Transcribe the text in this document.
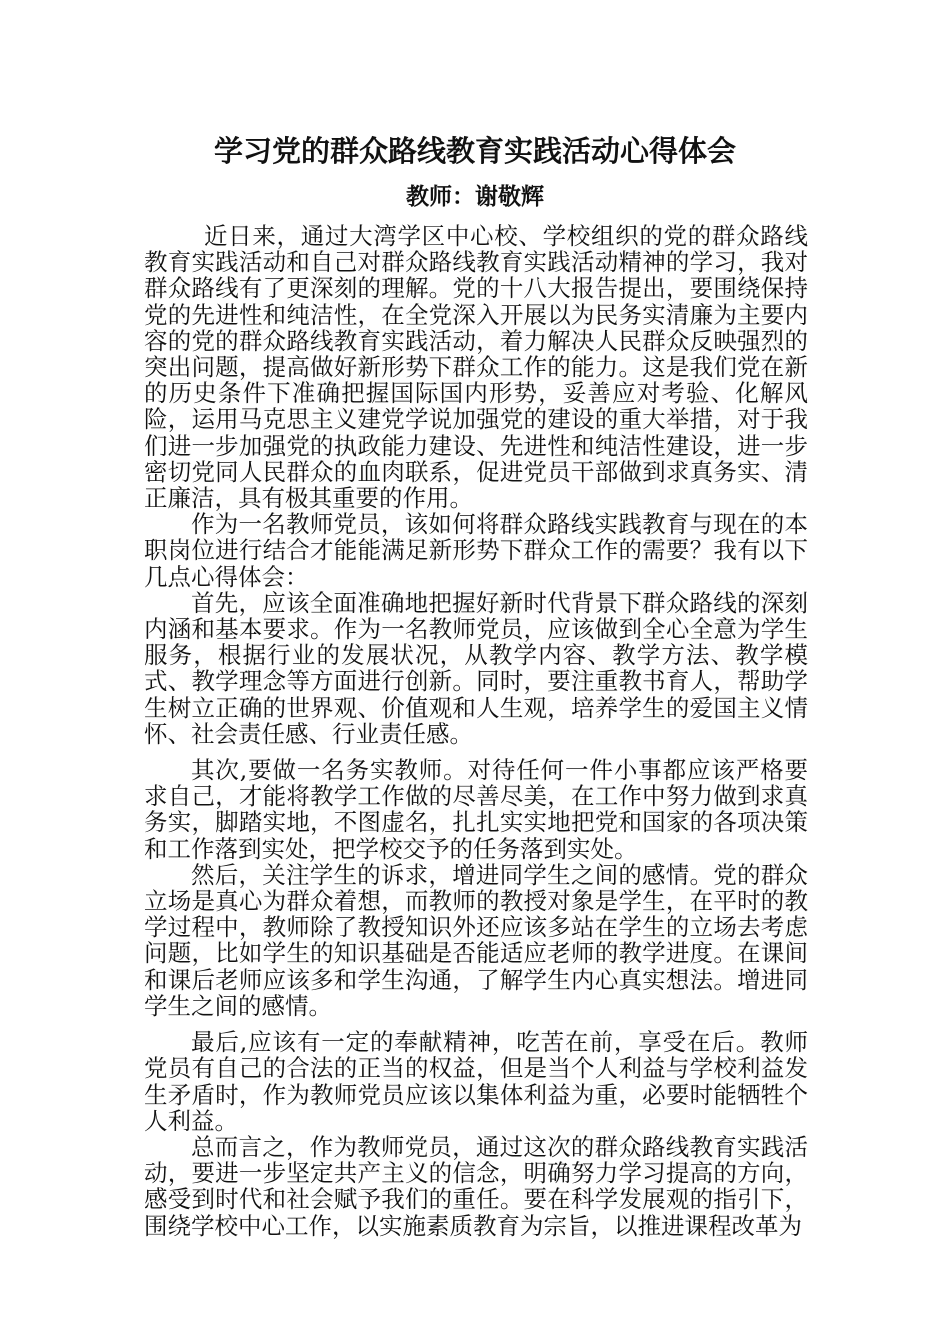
学习党的群众路线教育实践活动心得体会
教师：谢敬辉

近日来，通过大湾学区中心校、学校组织的党的群众路线教育实践活动和自己对群众路线教育实践活动精神的学习，我对群众路线有了更深刻的理解。党的十八大报告提出，要围绕保持党的先进性和纯洁性，在全党深入开展以为民务实清廉为主要内容的党的群众路线教育实践活动，着力解决人民群众反映强烈的突出问题，提高做好新形势下群众工作的能力。这是我们党在新的历史条件下准确把握国际国内形势，妥善应对考验、化解风险，运用马克思主义建党学说加强党的建设的重大举措，对于我们进一步加强党的执政能力建设、先进性和纯洁性建设，进一步密切党同人民群众的血肉联系，促进党员干部做到求真务实、清正廉洁，具有极其重要的作用。

作为一名教师党员，该如何将群众路线实践教育与现在的本职岗位进行结合才能能满足新形势下群众工作的需要？我有以下几点心得体会：

首先，应该全面准确地把握好新时代背景下群众路线的深刻内涵和基本要求。作为一名教师党员，应该做到全心全意为学生服务，根据行业的发展状况，从教学内容、教学方法、教学模式、教学理念等方面进行创新。同时，要注重教书育人，帮助学生树立正确的世界观、价值观和人生观，培养学生的爱国主义情怀、社会责任感、行业责任感。

其次,要做一名务实教师。对待任何一件小事都应该严格要求自己，才能将教学工作做的尽善尽美，在工作中努力做到求真务实，脚踏实地，不图虚名，扎扎实实地把党和国家的各项决策和工作落到实处，把学校交予的任务落到实处。

然后，关注学生的诉求，增进同学生之间的感情。党的群众立场是真心为群众着想，而教师的教授对象是学生，在平时的教学过程中，教师除了教授知识外还应该多站在学生的立场去考虑问题，比如学生的知识基础是否能适应老师的教学进度。在课间和课后老师应该多和学生沟通，了解学生内心真实想法。增进同学生之间的感情。

最后,应该有一定的奉献精神，吃苦在前，享受在后。教师党员有自己的合法的正当的权益，但是当个人利益与学校利益发生矛盾时，作为教师党员应该以集体利益为重，必要时能牺牲个人利益。

总而言之，作为教师党员，通过这次的群众路线教育实践活动，要进一步坚定共产主义的信念，明确努力学习提高的方向，感受到时代和社会赋予我们的重任。要在科学发展观的指引下，围绕学校中心工作，以实施素质教育为宗旨，以推进课程改革为
